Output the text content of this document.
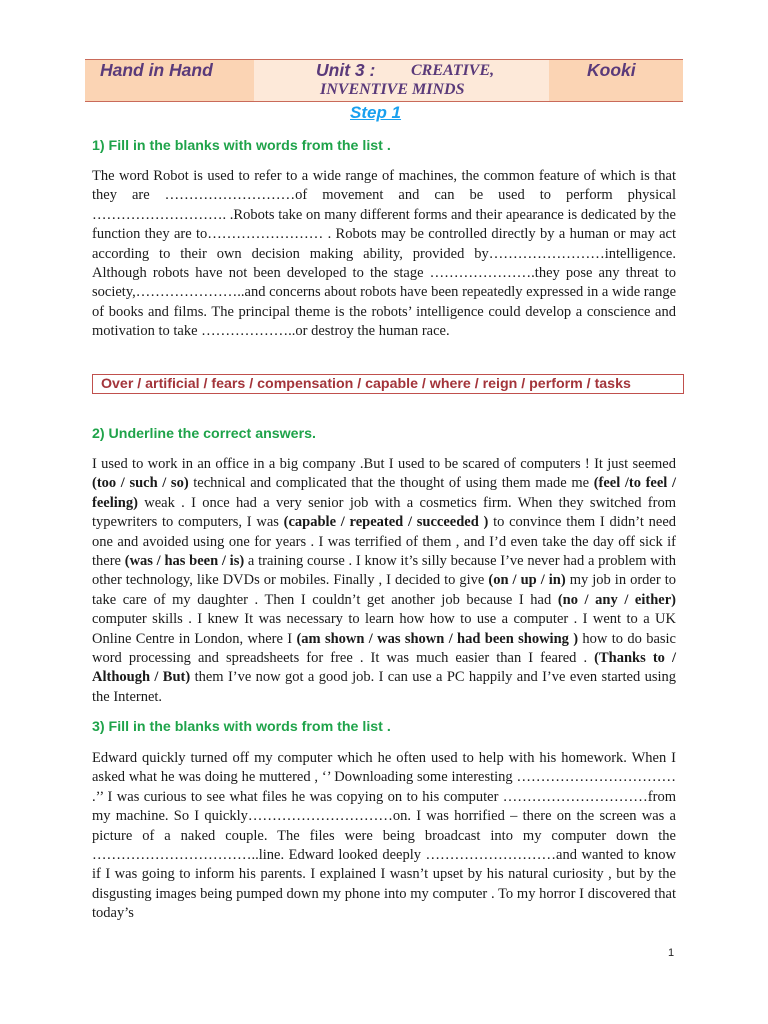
Hand in Hand	Unit 3 : CREATIVE,
INVENTIVE MINDS
Kooki
Step 1
1) Fill in the blanks with words from the list .

The word Robot is used to refer to a wide range of machines, the common feature of which is that they are ………………………of movement and can be used to perform physical ………………………. .Robots take on many different forms and their apearance is dedicated by the function they are to…………………… . Robots may be controlled directly by a human or may act according to their own decision making ability, provided by……………………intelligence. Although robots have not been developed to the stage ………………….they pose any threat to society,…………………..and concerns about robots have been repeatedly expressed in a wide range of books and films. The principal theme is the robots’ intelligence could develop a conscience and motivation to take ………………..or destroy the human race.

Over / artificial / fears / compensation / capable / where / reign / perform / tasks
2) Underline the correct answers.

I used to work in an office in a big company .But I used to be scared of computers ! It just seemed (too / such / so) technical and complicated that the thought of using them made me (feel /to feel / feeling) weak . I once had a very senior job with a cosmetics firm. When they switched from typewriters to computers, I was (capable / repeated / succeeded ) to convince them I didn’t need one and avoided using one for years . I was terrified of them , and I’d even take the day off sick if there (was / has been / is) a training course . I know it’s silly because I’ve never had a problem with other technology, like DVDs or mobiles. Finally , I decided to give (on / up / in) my job in order to take care of my daughter . Then I couldn’t get another job because I had (no / any / either) computer skills . I knew It was necessary to learn how how to use a computer . I went to a UK Online Centre in London, where I (am shown / was shown / had been showing ) how to do basic word processing and spreadsheets for free . It was much easier than I feared . (Thanks to / Although / But) them I’ve now got a good job. I can use a PC happily and I’ve even started using the Internet.

3) Fill in the blanks with words from the list .

Edward quickly turned off my computer which he often used to help with his homework. When I asked what he was doing he muttered , ‘’ Downloading some interesting …………………………… .’’ I was curious to see what files he was copying on to his computer …………………………from my machine. So I quickly…………………………on. I was horrified – there on the screen was a picture of a naked couple. The files were being broadcast into my computer down the ……………………………..line. Edward looked deeply ………………………and wanted to know if I was going to inform his parents. I explained I wasn’t upset by his natural curiosity , but by the disgusting images being pumped down my phone into my computer . To my horror I discovered that today’s

1
